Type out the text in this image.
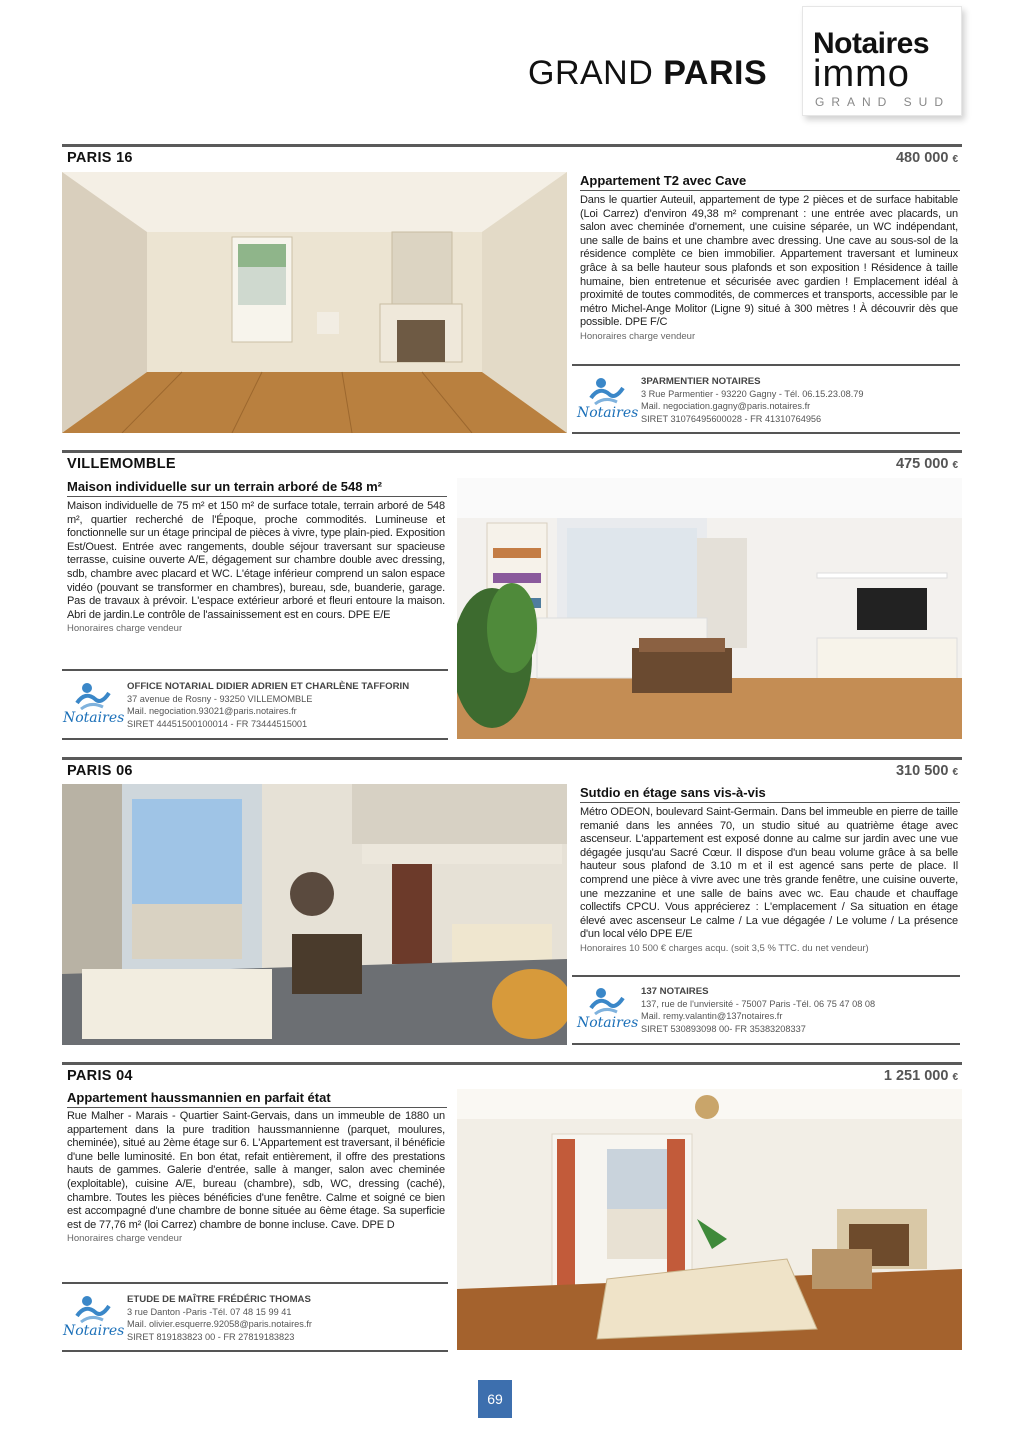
GRAND PARIS
Notaires
immo
GRAND SUD
PARIS 16	480 000 €
Appartement T2 avec Cave
Dans le quartier Auteuil, appartement de type 2 pièces et de surface habitable (Loi Carrez) d'environ 49,38 m² comprenant : une entrée avec placards, un salon avec cheminée d'ornement, une cuisine séparée, un WC indépendant, une salle de bains et une chambre avec dressing. Une cave au sous-sol de la résidence complète ce bien immobilier. Appartement traversant et lumineux grâce à sa belle hauteur sous plafonds et son exposition ! Résidence à taille humaine, bien entretenue et sécurisée avec gardien ! Emplacement idéal à proximité de toutes commodités, de commerces et transports, accessible par le métro Michel-Ange Molitor (Ligne 9) situé à 300 mètres ! À découvrir dès que possible. DPE F/C
Honoraires charge vendeur
Notaires
3PARMENTIER NOTAIRES
3 Rue Parmentier - 93220 Gagny - Tél. 06.15.23.08.79
Mail. negociation.gagny@paris.notaires.fr
SIRET 31076495600028 - FR 41310764956
VILLEMOMBLE	475 000 €
Maison individuelle sur un terrain arboré de 548 m²
Maison individuelle de 75 m² et 150 m² de surface totale, terrain arboré de 548 m², quartier recherché de l'Époque, proche commodités. Lumineuse et fonctionnelle sur un étage principal de pièces à vivre, type plain-pied. Exposition Est/Ouest. Entrée avec rangements, double séjour traversant sur spacieuse terrasse, cuisine ouverte A/E, dégagement sur chambre double avec dressing, sdb, chambre avec placard et WC. L'étage inférieur comprend un salon espace vidéo (pouvant se transformer en chambres), bureau, sde, buanderie, garage. Pas de travaux à prévoir. L'espace extérieur arboré et fleuri entoure la maison. Abri de jardin.Le contrôle de l'assainissement est en cours. DPE E/E
Honoraires charge vendeur
Notaires
OFFICE NOTARIAL DIDIER ADRIEN ET CHARLÈNE TAFFORIN
37 avenue de Rosny - 93250 VILLEMOMBLE
Mail. negociation.93021@paris.notaires.fr
SIRET 44451500100014 - FR 73444515001
PARIS 06	310 500 €
Sutdio en étage sans vis-à-vis
Métro ODEON, boulevard Saint-Germain. Dans bel immeuble en pierre de taille remanié dans les années 70, un studio situé au quatrième étage avec ascenseur. L'appartement est exposé donne au calme sur jardin avec une vue dégagée jusqu'au Sacré Cœur. Il dispose d'un beau volume grâce à sa belle hauteur sous plafond de 3.10 m et il est agencé sans perte de place. Il comprend une pièce à vivre avec une très grande fenêtre, une cuisine ouverte, une mezzanine et une salle de bains avec wc. Eau chaude et chauffage collectifs CPCU. Vous apprécierez : L'emplacement / Sa situation en étage élevé avec ascenseur Le calme / La vue dégagée / Le volume / La présence d'un local vélo DPE E/E
Honoraires 10 500 € charges acqu. (soit 3,5 % TTC. du net vendeur)
Notaires
137 NOTAIRES
137, rue de l'unviersité - 75007 Paris -Tél. 06 75 47 08 08
Mail. remy.valantin@137notaires.fr
SIRET 530893098 00- FR 35383208337
PARIS 04	1 251 000 €
Appartement haussmannien en parfait état
Rue Malher - Marais - Quartier Saint-Gervais, dans un immeuble de 1880 un appartement dans la pure tradition haussmannienne (parquet, moulures, cheminée), situé au 2ème étage sur 6. L'Appartement est traversant, il bénéficie d'une belle luminosité. En bon état, refait entièrement, il offre des prestations hauts de gammes. Galerie d'entrée, salle à manger, salon avec cheminée (exploitable), cuisine A/E, bureau (chambre), sdb, WC, dressing (caché), chambre. Toutes les pièces bénéficies d'une fenêtre. Calme et soigné ce bien est accompagné d'une chambre de bonne située au 6ème étage. Sa superficie est de 77,76 m² (loi Carrez) chambre de bonne incluse. Cave. DPE D
Honoraires charge vendeur
Notaires
ETUDE DE MAÎTRE FRÉDÉRIC THOMAS
3 rue Danton -Paris -Tél. 07 48 15 99 41
Mail. olivier.esquerre.92058@paris.notaires.fr
SIRET 819183823 00 - FR 27819183823
69
